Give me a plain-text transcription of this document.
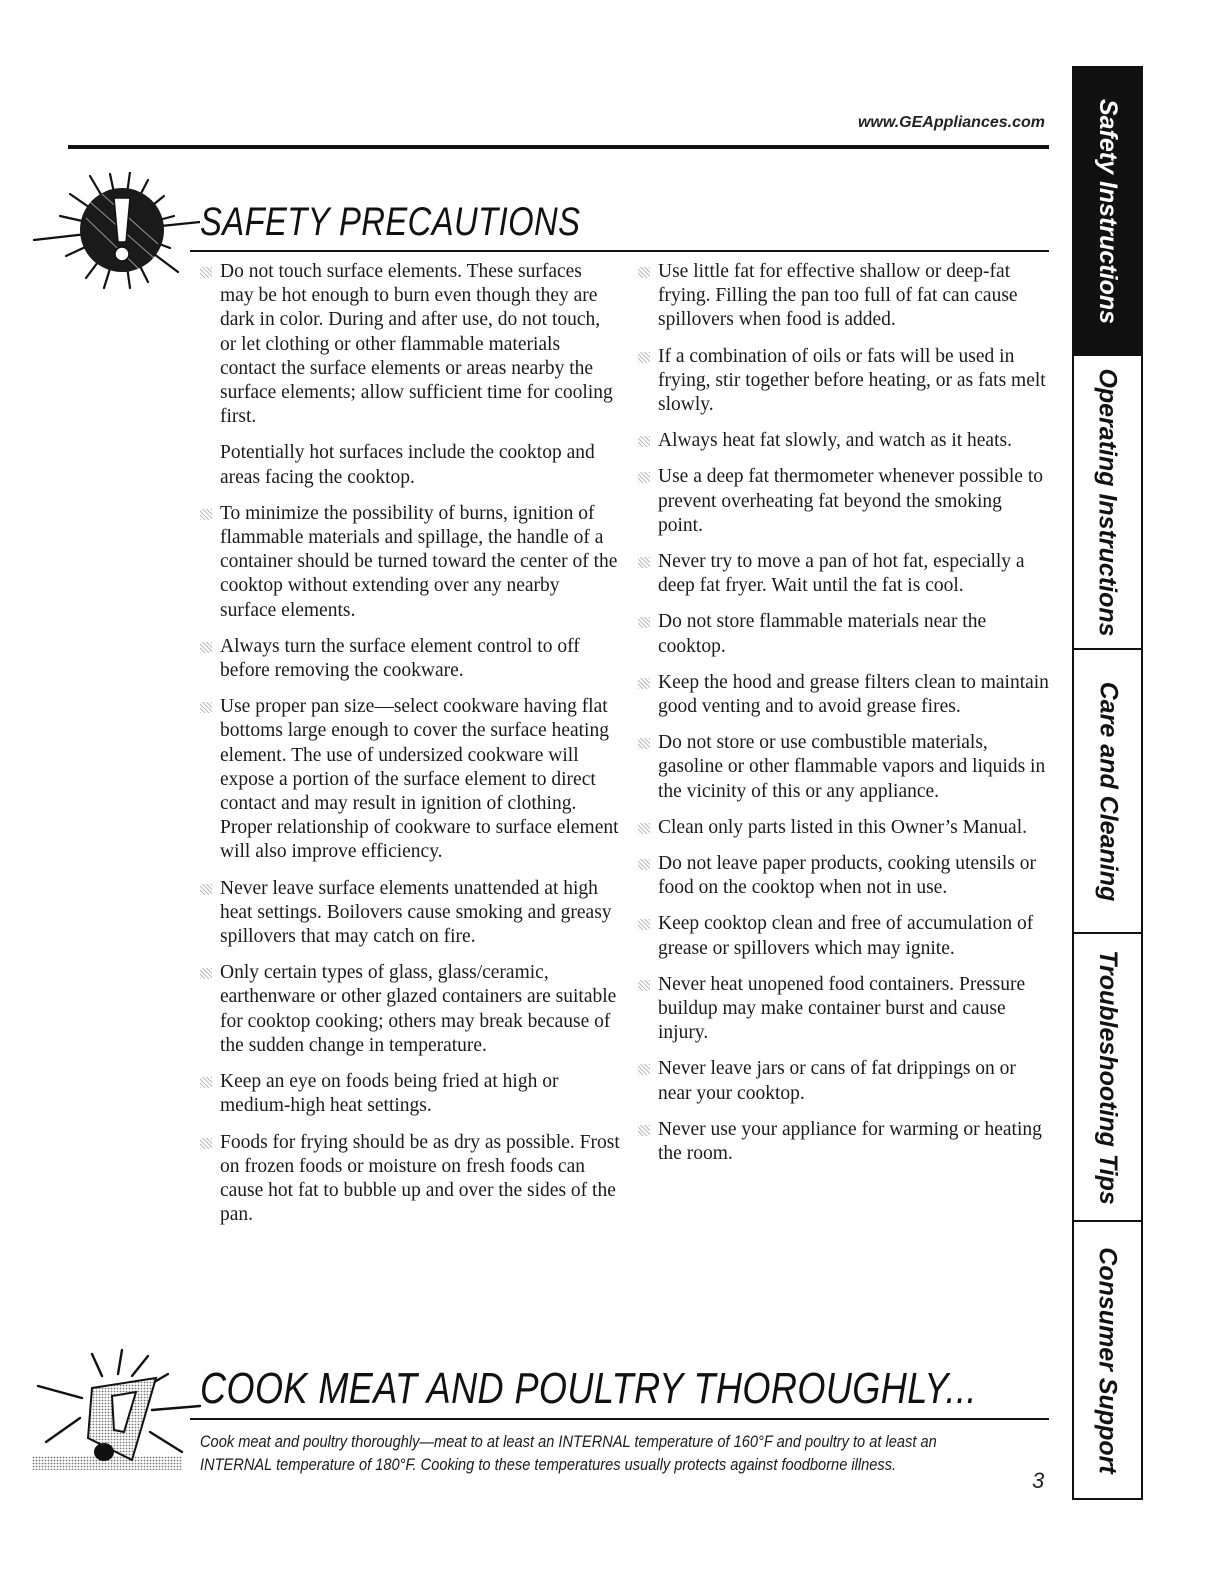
www.GEAppliances.com
SAFETY PRECAUTIONS
Do not touch surface elements. These surfaces may be hot enough to burn even though they are dark in color. During and after use, do not touch, or let clothing or other flammable materials contact the surface elements or areas nearby the surface elements; allow sufficient time for cooling first.
Potentially hot surfaces include the cooktop and areas facing the cooktop.
To minimize the possibility of burns, ignition of flammable materials and spillage, the handle of a container should be turned toward the center of the cooktop without extending over any nearby surface elements.
Always turn the surface element control to off before removing the cookware.
Use proper pan size—select cookware having flat bottoms large enough to cover the surface heating element. The use of undersized cookware will expose a portion of the surface element to direct contact and may result in ignition of clothing. Proper relationship of cookware to surface element will also improve efficiency.
Never leave surface elements unattended at high heat settings. Boilovers cause smoking and greasy spillovers that may catch on fire.
Only certain types of glass, glass/ceramic, earthenware or other glazed containers are suitable for cooktop cooking; others may break because of the sudden change in temperature.
Keep an eye on foods being fried at high or medium-high heat settings.
Foods for frying should be as dry as possible. Frost on frozen foods or moisture on fresh foods can cause hot fat to bubble up and over the sides of the pan.
Use little fat for effective shallow or deep-fat frying. Filling the pan too full of fat can cause spillovers when food is added.
If a combination of oils or fats will be used in frying, stir together before heating, or as fats melt slowly.
Always heat fat slowly, and watch as it heats.
Use a deep fat thermometer whenever possible to prevent overheating fat beyond the smoking point.
Never try to move a pan of hot fat, especially a deep fat fryer. Wait until the fat is cool.
Do not store flammable materials near the cooktop.
Keep the hood and grease filters clean to maintain good venting and to avoid grease fires.
Do not store or use combustible materials, gasoline or other flammable vapors and liquids in the vicinity of this or any appliance.
Clean only parts listed in this Owner’s Manual.
Do not leave paper products, cooking utensils or food on the cooktop when not in use.
Keep cooktop clean and free of accumulation of grease or spillovers which may ignite.
Never heat unopened food containers. Pressure buildup may make container burst and cause injury.
Never leave jars or cans of fat drippings on or near your cooktop.
Never use your appliance for warming or heating the room.
COOK MEAT AND POULTRY THOROUGHLY...

Cook meat and poultry thoroughly—meat to at least an INTERNAL temperature of 160°F and poultry to at least an INTERNAL temperature of 180°F. Cooking to these temperatures usually protects against foodborne illness.

3
Safety Instructions
Operating Instructions
Care and Cleaning
Troubleshooting Tips
Consumer Support
